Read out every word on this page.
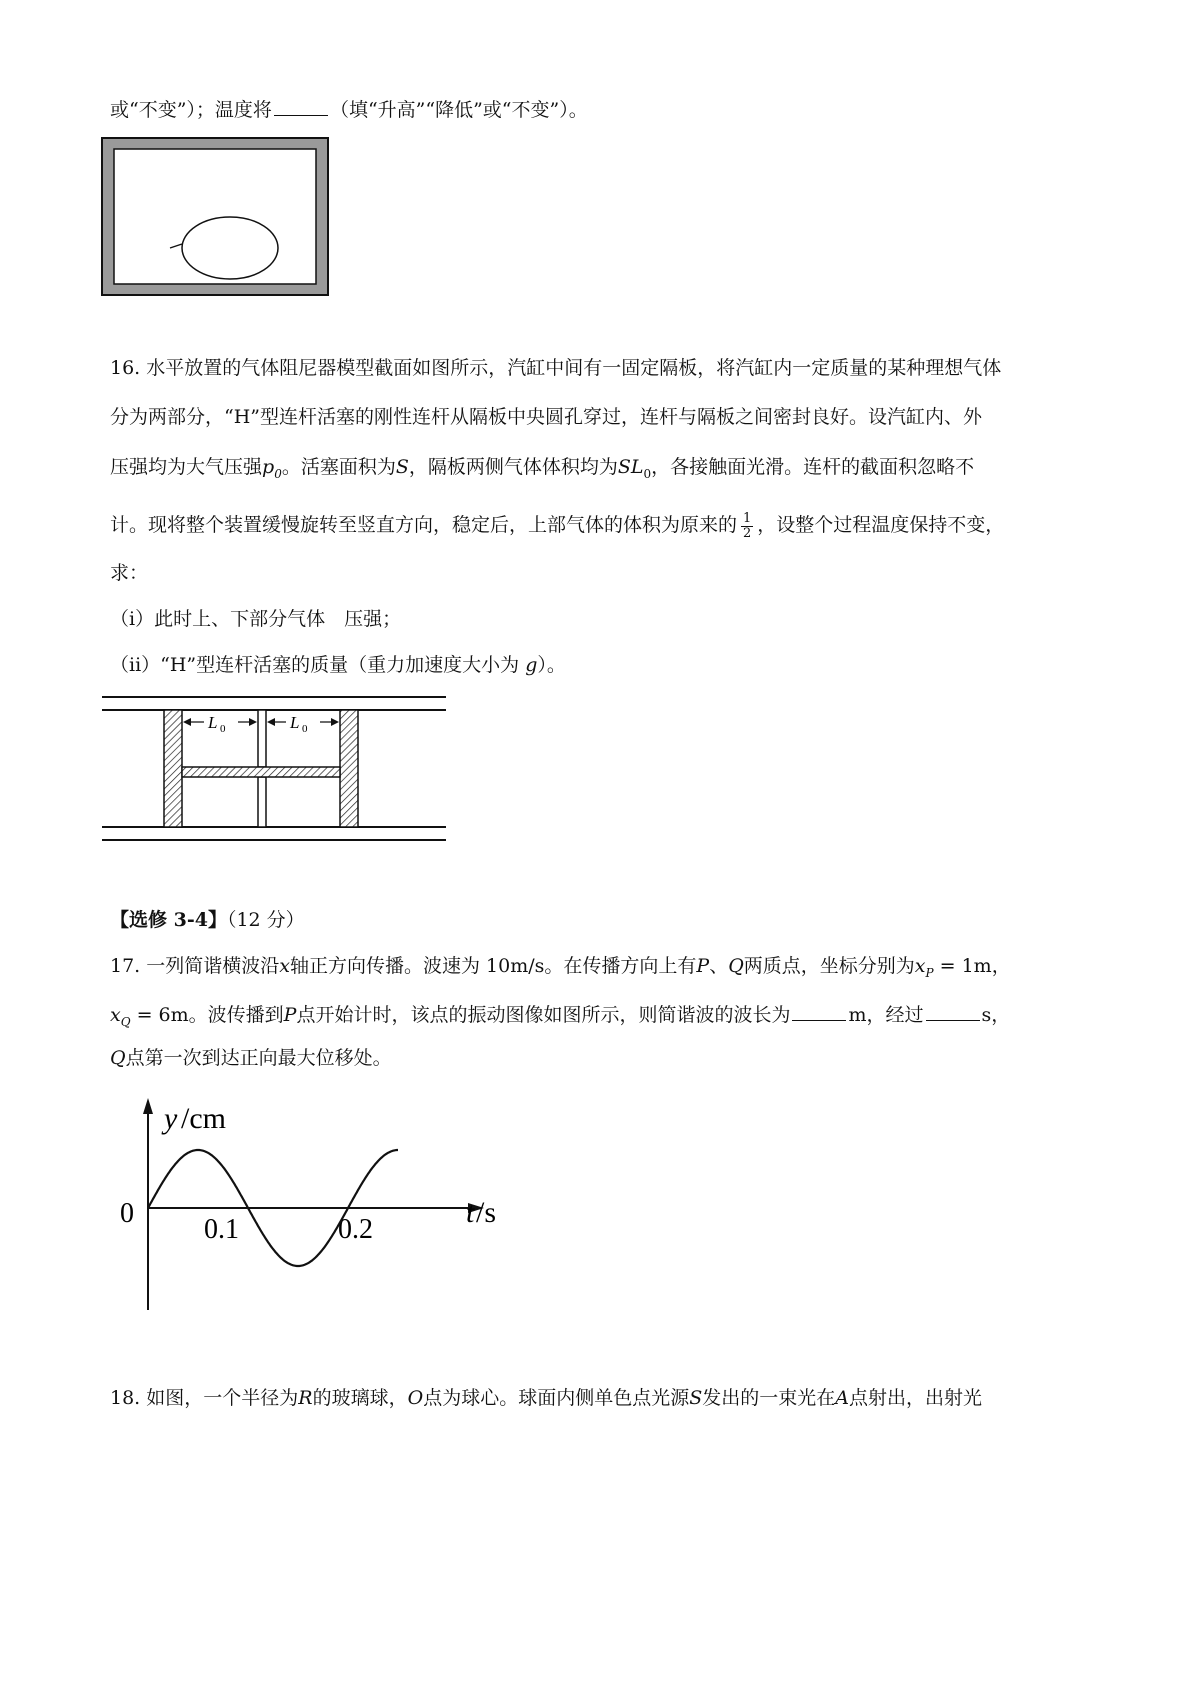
或“不变”）；温度将	（填“升高”“降低”或“不变”）。
16. 水平放置的气体阻尼器模型截面如图所示，汽缸中间有一固定隔板，将汽缸内一定质量的某种理想气体
分为两部分，“H”型连杆活塞的刚性连杆从隔板中央圆孔穿过，连杆与隔板之间密封良好。设汽缸内、外
压强均为大气压强$p_0$。活塞面积为S，隔板两侧气体体积均为$SL_0$，各接触面光滑。连杆的截面积忽略不
计。现将整个装置缓慢旋转至竖直方向，稳定后，上部气体的体积为原来的 $\frac{1}{2}$ ，设整个过程温度保持不变，
求：
（i）此时上、下部分气体　压强；
（ii）“H”型连杆活塞的质量（重力加速度大小为 g）。
L 0	L 0
【选修 3-4】（12 分）
17. 一列简谐横波沿x轴正方向传播。波速为 10m/s。在传播方向上有P、Q两质点，坐标分别为$x_P = 1m$，
$x_Q = 6m$。波传播到P点开始计时，该点的振动图像如图所示，则简谐波的波长为	m，经过	s，
Q点第一次到达正向最大位移处。
y /cm
t /s
0
0.1	0.2
18. 如图，一个半径为R的玻璃球，O点为球心。球面内侧单色点光源S发出的一束光在A点射出，出射光
